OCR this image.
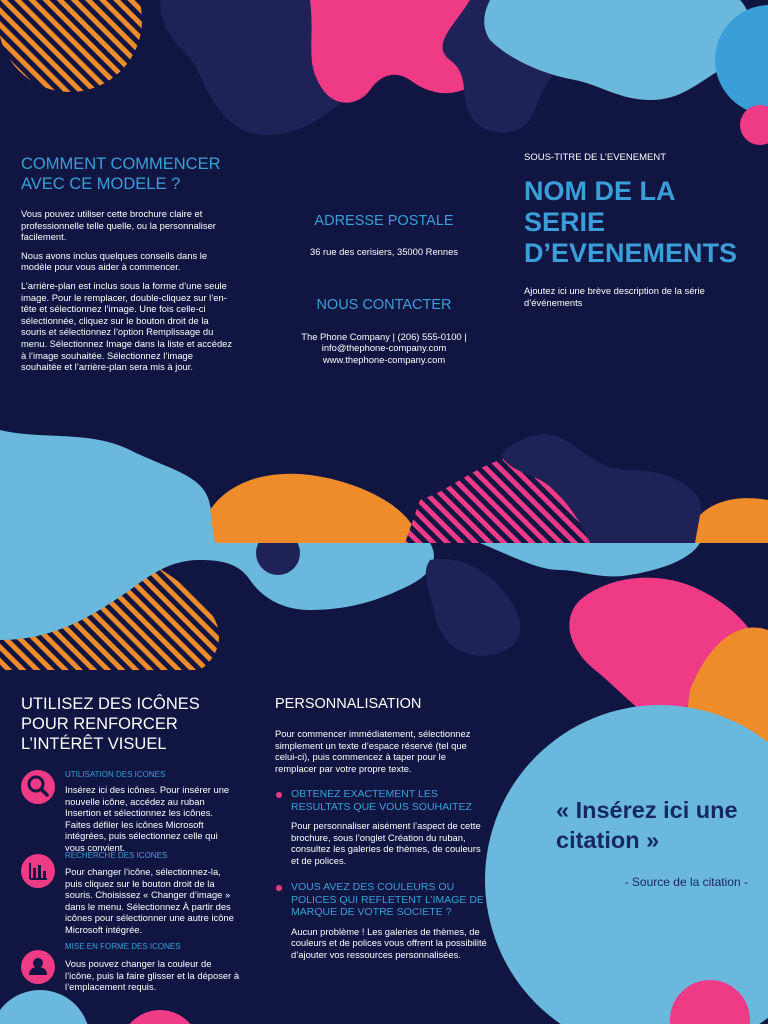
COMMENT COMMENCER AVEC CE MODELE ?

Vous pouvez utiliser cette brochure claire et professionnelle telle quelle, ou la personnaliser facilement.

Nous avons inclus quelques conseils dans le modèle pour vous aider à commencer.

L’arrière-plan est inclus sous la forme d’une seule image. Pour le remplacer, double-cliquez sur l’en-tête et sélectionnez l’image. Une fois celle-ci sélectionnée, cliquez sur le bouton droit de la souris et sélectionnez l’option Remplissage du menu. Sélectionnez Image dans la liste et accédez à l’image souhaitée. Sélectionnez l’image souhaitée et l’arrière-plan sera mis à jour.

ADRESSE POSTALE
36 rue des cerisiers, 35000 Rennes
NOUS CONTACTER
The Phone Company | (206) 555-0100 |
info@thephone-company.com
www.thephone-company.com
SOUS-TITRE DE L’EVENEMENT
NOM DE LA SERIE D’EVENEMENTS

Ajoutez ici une brève description de la série d’événements

UTILISEZ DES ICÔNES POUR RENFORCER L’INTÉRÊT VISUEL
UTILISATION DES ICONES

Insérez ici des icônes. Pour insérer une nouvelle icône, accédez au ruban Insertion et sélectionnez les icônes. Faites défiler les icônes Microsoft intégrées, puis sélectionnez celle qui vous convient.

RECHERCHE DES ICONES

Pour changer l’icône, sélectionnez-la, puis cliquez sur le bouton droit de la souris. Choisissez « Changer d’image » dans le menu. Sélectionnez À partir des icônes pour sélectionner une autre icône Microsoft intégrée.

MISE EN FORME DES ICONES

Vous pouvez changer la couleur de l’icône, puis la faire glisser et la déposer à l’emplacement requis.

PERSONNALISATION

Pour commencer immédiatement, sélectionnez simplement un texte d’espace réservé (tel que celui-ci), puis commencez à taper pour le remplacer par votre propre texte.

OBTENEZ EXACTEMENT LES RESULTATS QUE VOUS SOUHAITEZ

Pour personnaliser aisément l’aspect de cette brochure, sous l’onglet Création du ruban, consultez les galeries de thèmes, de couleurs et de polices.

VOUS AVEZ DES COULEURS OU POLICES QUI REFLETENT L’IMAGE DE MARQUE DE VOTRE SOCIETE ?

Aucun problème ! Les galeries de thèmes, de couleurs et de polices vous offrent la possibilité d’ajouter vos ressources personnalisées.

« Insérez ici une citation »
- Source de la citation -
